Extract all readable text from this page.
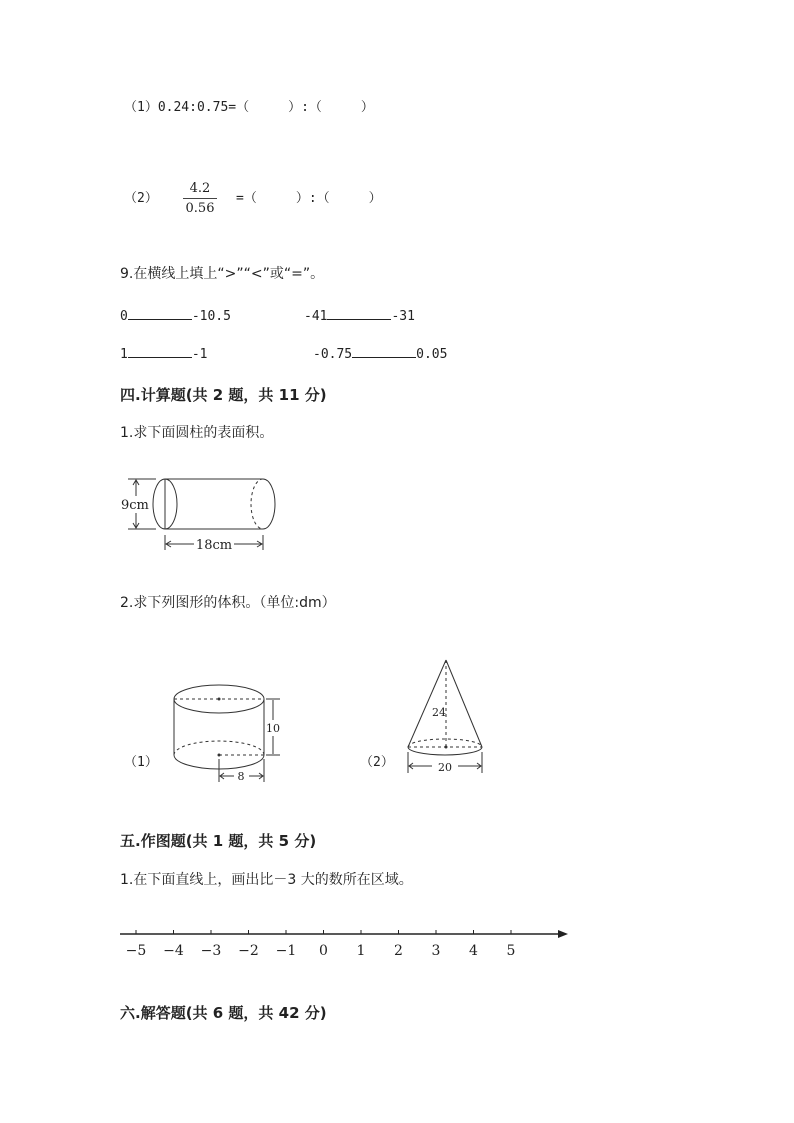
（1）0.24:0.75=（　　　）:（　　　）
（2）
4.2
0.56
=（　　　）:（　　　）
9.在横线上填上“>”“<”或“=”。
0	-10.5	-41	-31
1	-1	-0.75	0.05
四.计算题(共 2 题，共 11 分)
1.求下面圆柱的表面积。
9cm
18cm
2.求下列图形的体积。（单位:dm）
（1）
10
8
（2）
24
20
五.作图题(共 1 题，共 5 分)
1.在下面直线上，画出比－3 大的数所在区域。
−5 −4 −3 −2 −1 0 1 2 3 4 5
六.解答题(共 6 题，共 42 分)
